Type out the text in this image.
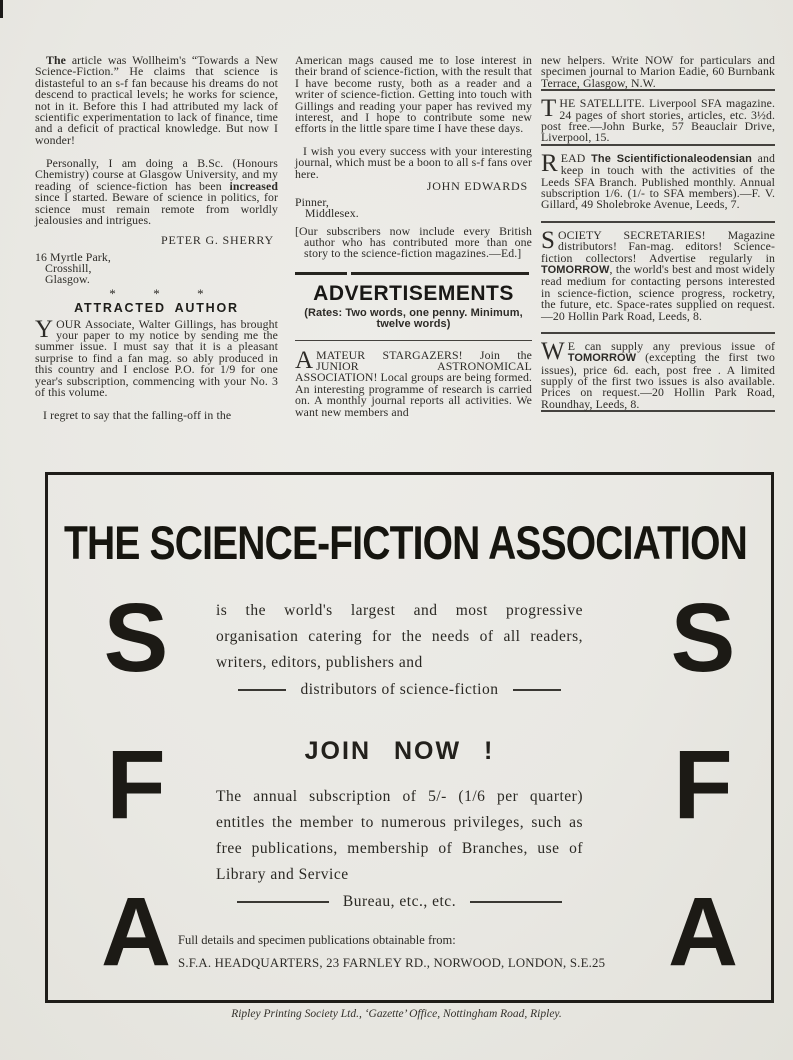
The article was Wollheim's “Towards a New Science-Fiction.” He claims that science is distasteful to an s-f fan because his dreams do not descend to practical levels; he works for science, not in it. Before this I had attributed my lack of scientific experimentation to lack of finance, time and a deficit of practical knowledge. But now I wonder!

Personally, I am doing a B.Sc. (Honours Chemistry) course at Glasgow University, and my reading of science-fiction has been increased since I started. Beware of science in politics, for science must remain remote from worldly jealousies and intrigues.

PETER G. SHERRY
16 Myrtle Park,
Crosshill,
Glasgow.
* * *
ATTRACTED AUTHOR

YOUR Associate, Walter Gillings, has brought your paper to my notice by sending me the summer issue. I must say that it is a pleasant surprise to find a fan mag. so ably produced in this country and I enclose P.O. for 1/9 for one year's subscription, commencing with your No. 3 of this volume.

I regret to say that the falling-off in the

American mags caused me to lose interest in their brand of science-fiction, with the result that I have become rusty, both as a reader and a writer of science-fiction. Getting into touch with Gillings and reading your paper has revived my interest, and I hope to contribute some new efforts in the little spare time I have these days.

I wish you every success with your interesting journal, which must be a boon to all s-f fans over here.

JOHN EDWARDS
Pinner,
Middlesex.

[Our subscribers now include every British author who has contributed more than one story to the science-fiction magazines.—Ed.]

ADVERTISEMENTS
(Rates: Two words, one penny. Minimum, twelve words)

AMATEUR STARGAZERS! Join the JUNIOR ASTRONOMICAL ASSOCIATION! Local groups are being formed. An interesting programme of research is carried on. A monthly journal reports all activities. We want new members and

new helpers. Write NOW for particulars and specimen journal to Marion Eadie, 60 Burnbank Terrace, Glasgow, N.W.

THE SATELLITE. Liverpool SFA magazine. 24 pages of short stories, articles, etc. 3½d. post free.—John Burke, 57 Beauclair Drive, Liverpool, 15.

READ The Scientifictionaleodensian and keep in touch with the activities of the Leeds SFA Branch. Published monthly. Annual subscription 1/6. (1/- to SFA members).—F. V. Gillard, 49 Sholebroke Avenue, Leeds, 7.

SOCIETY SECRETARIES! Magazine distributors! Fan-mag. editors! Science-fiction collectors! Advertise regularly in TOMORROW, the world's best and most widely read medium for contacting persons interested in science-fiction, science progress, rocketry, the future, etc. Space-rates supplied on request.—20 Hollin Park Road, Leeds, 8.

W E can supply any previous issue of TOMORROW (excepting the first two issues), price 6d. each, post free . A limited supply of the first two issues is also available. Prices on request.—20 Hollin Park Road, Roundhay, Leeds, 8.

THE SCIENCE-FICTION ASSOCIATION
S
F
A
S
F
A

is the world's largest and most progressive organisation catering for the needs of all readers, writers, editors, publishers and

distributors of science-fiction
JOIN NOW !

The annual subscription of 5/- (1/6 per quarter) entitles the member to numerous privileges, such as free publications, membership of Branches, use of Library and Service

Bureau, etc., etc.
Full details and specimen publications obtainable from:
S.F.A. HEADQUARTERS, 23 FARNLEY RD., NORWOOD, LONDON, S.E.25
Ripley Printing Society Ltd., ‘Gazette’ Office, Nottingham Road, Ripley.
